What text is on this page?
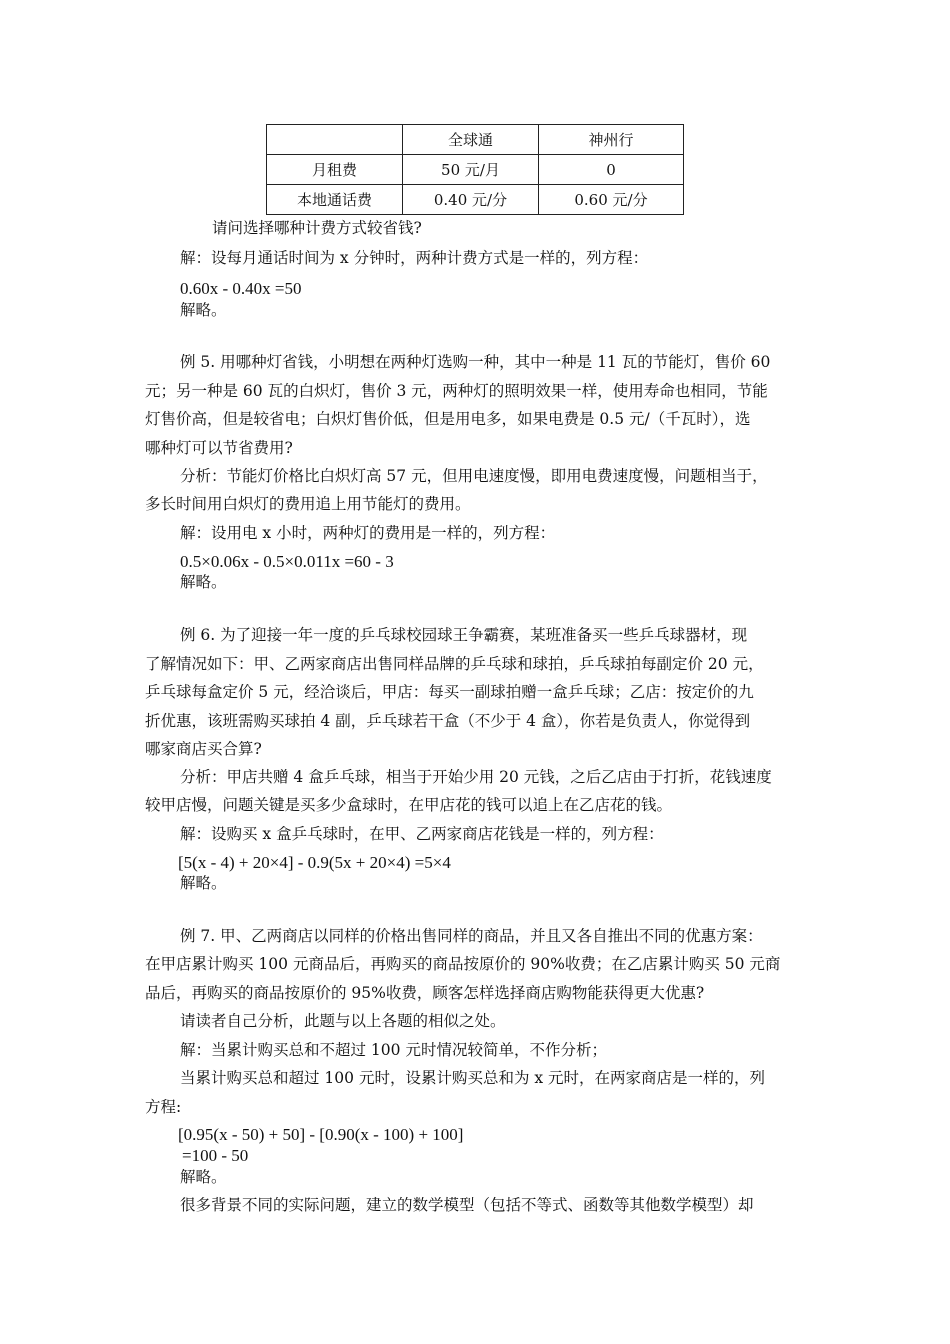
	全球通	神州行
月租费	50 元/月	0
本地通话费	0.40 元/分	0.60 元/分
请问选择哪种计费方式较省钱?
解：设每月通话时间为 x 分钟时，两种计费方式是一样的，列方程：
0.60x - 0.40x =50
解略。
例 5. 用哪种灯省钱，小明想在两种灯选购一种，其中一种是 11 瓦的节能灯，售价 60
元；另一种是 60 瓦的白炽灯，售价 3 元，两种灯的照明效果一样，使用寿命也相同，节能
灯售价高，但是较省电；白炽灯售价低，但是用电多，如果电费是 0.5 元/（千瓦时），选
哪种灯可以节省费用?
分析：节能灯价格比白炽灯高 57 元，但用电速度慢，即用电费速度慢，问题相当于，
多长时间用白炽灯的费用追上用节能灯的费用。
解：设用电 x 小时，两种灯的费用是一样的，列方程：
0.5×0.06x - 0.5×0.011x =60 - 3
解略。
例 6. 为了迎接一年一度的乒乓球校园球王争霸赛，某班准备买一些乒乓球器材，现
了解情况如下：甲、乙两家商店出售同样品牌的乒乓球和球拍，乒乓球拍每副定价 20 元，
乒乓球每盒定价 5 元，经洽谈后，甲店：每买一副球拍赠一盒乒乓球；乙店：按定价的九
折优惠，该班需购买球拍 4 副，乒乓球若干盒（不少于 4 盒），你若是负责人，你觉得到
哪家商店买合算?
分析：甲店共赠 4 盒乒乓球，相当于开始少用 20 元钱，之后乙店由于打折，花钱速度
较甲店慢，问题关键是买多少盒球时，在甲店花的钱可以追上在乙店花的钱。
解：设购买 x 盒乒乓球时，在甲、乙两家商店花钱是一样的，列方程：
[5(x - 4) + 20×4] - 0.9(5x + 20×4) =5×4
解略。
例 7. 甲、乙两商店以同样的价格出售同样的商品，并且又各自推出不同的优惠方案：
在甲店累计购买 100 元商品后，再购买的商品按原价的 90%收费；在乙店累计购买 50 元商
品后，再购买的商品按原价的 95%收费，顾客怎样选择商店购物能获得更大优惠?
请读者自己分析，此题与以上各题的相似之处。
解：当累计购买总和不超过 100 元时情况较简单，不作分析；
当累计购买总和超过 100 元时，设累计购买总和为 x 元时，在两家商店是一样的，列
方程:
[0.95(x - 50) + 50] - [0.90(x - 100) + 100]
=100 - 50
解略。
很多背景不同的实际问题，建立的数学模型（包括不等式、函数等其他数学模型）却
